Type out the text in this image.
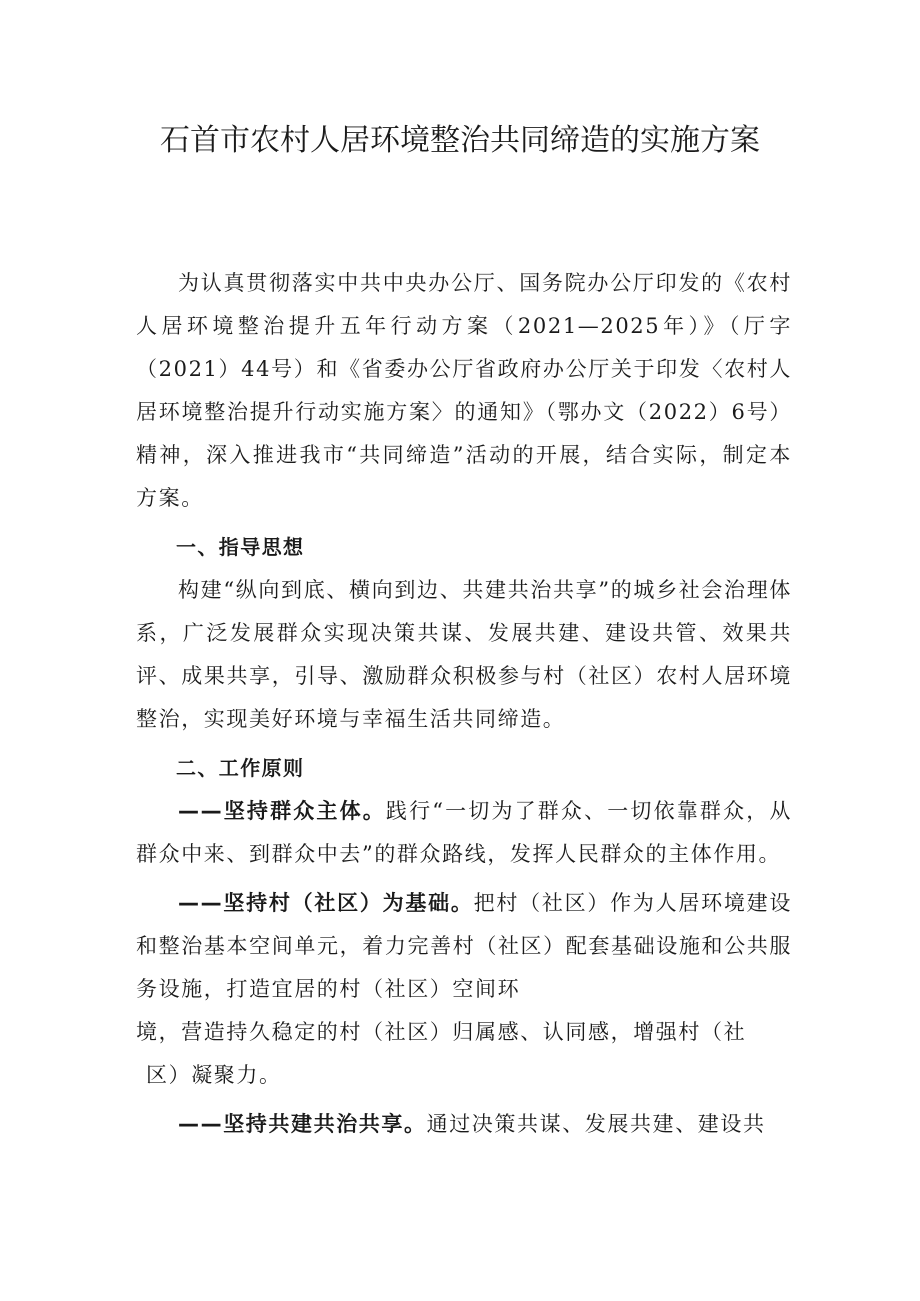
石首市农村人居环境整治共同缔造的实施方案

为认真贯彻落实中共中央办公厅、国务院办公厅印发的《农村人居环境整治提升五年行动方案（2021—2025年）》（厅字（2021）44号）和《省委办公厅省政府办公厅关于印发〈农村人居环境整治提升行动实施方案〉的通知》（鄂办文（2022）6号）精神，深入推进我市“共同缔造”活动的开展，结合实际，制定本方案。

一、指导思想

构建“纵向到底、横向到边、共建共治共享”的城乡社会治理体系，广泛发展群众实现决策共谋、发展共建、建设共管、效果共评、成果共享，引导、激励群众积极参与村（社区）农村人居环境整治，实现美好环境与幸福生活共同缔造。

二、工作原则

——坚持群众主体。践行“一切为了群众、一切依靠群众，从群众中来、到群众中去”的群众路线，发挥人民群众的主体作用。

——坚持村（社区）为基础。把村（社区）作为人居环境建设和整治基本空间单元，着力完善村（社区）配套基础设施和公共服务设施，打造宜居的村（社区）空间环

境，营造持久稳定的村（社区）归属感、认同感，增强村（社
区）凝聚力。

——坚持共建共治共享。通过决策共谋、发展共建、建设共
